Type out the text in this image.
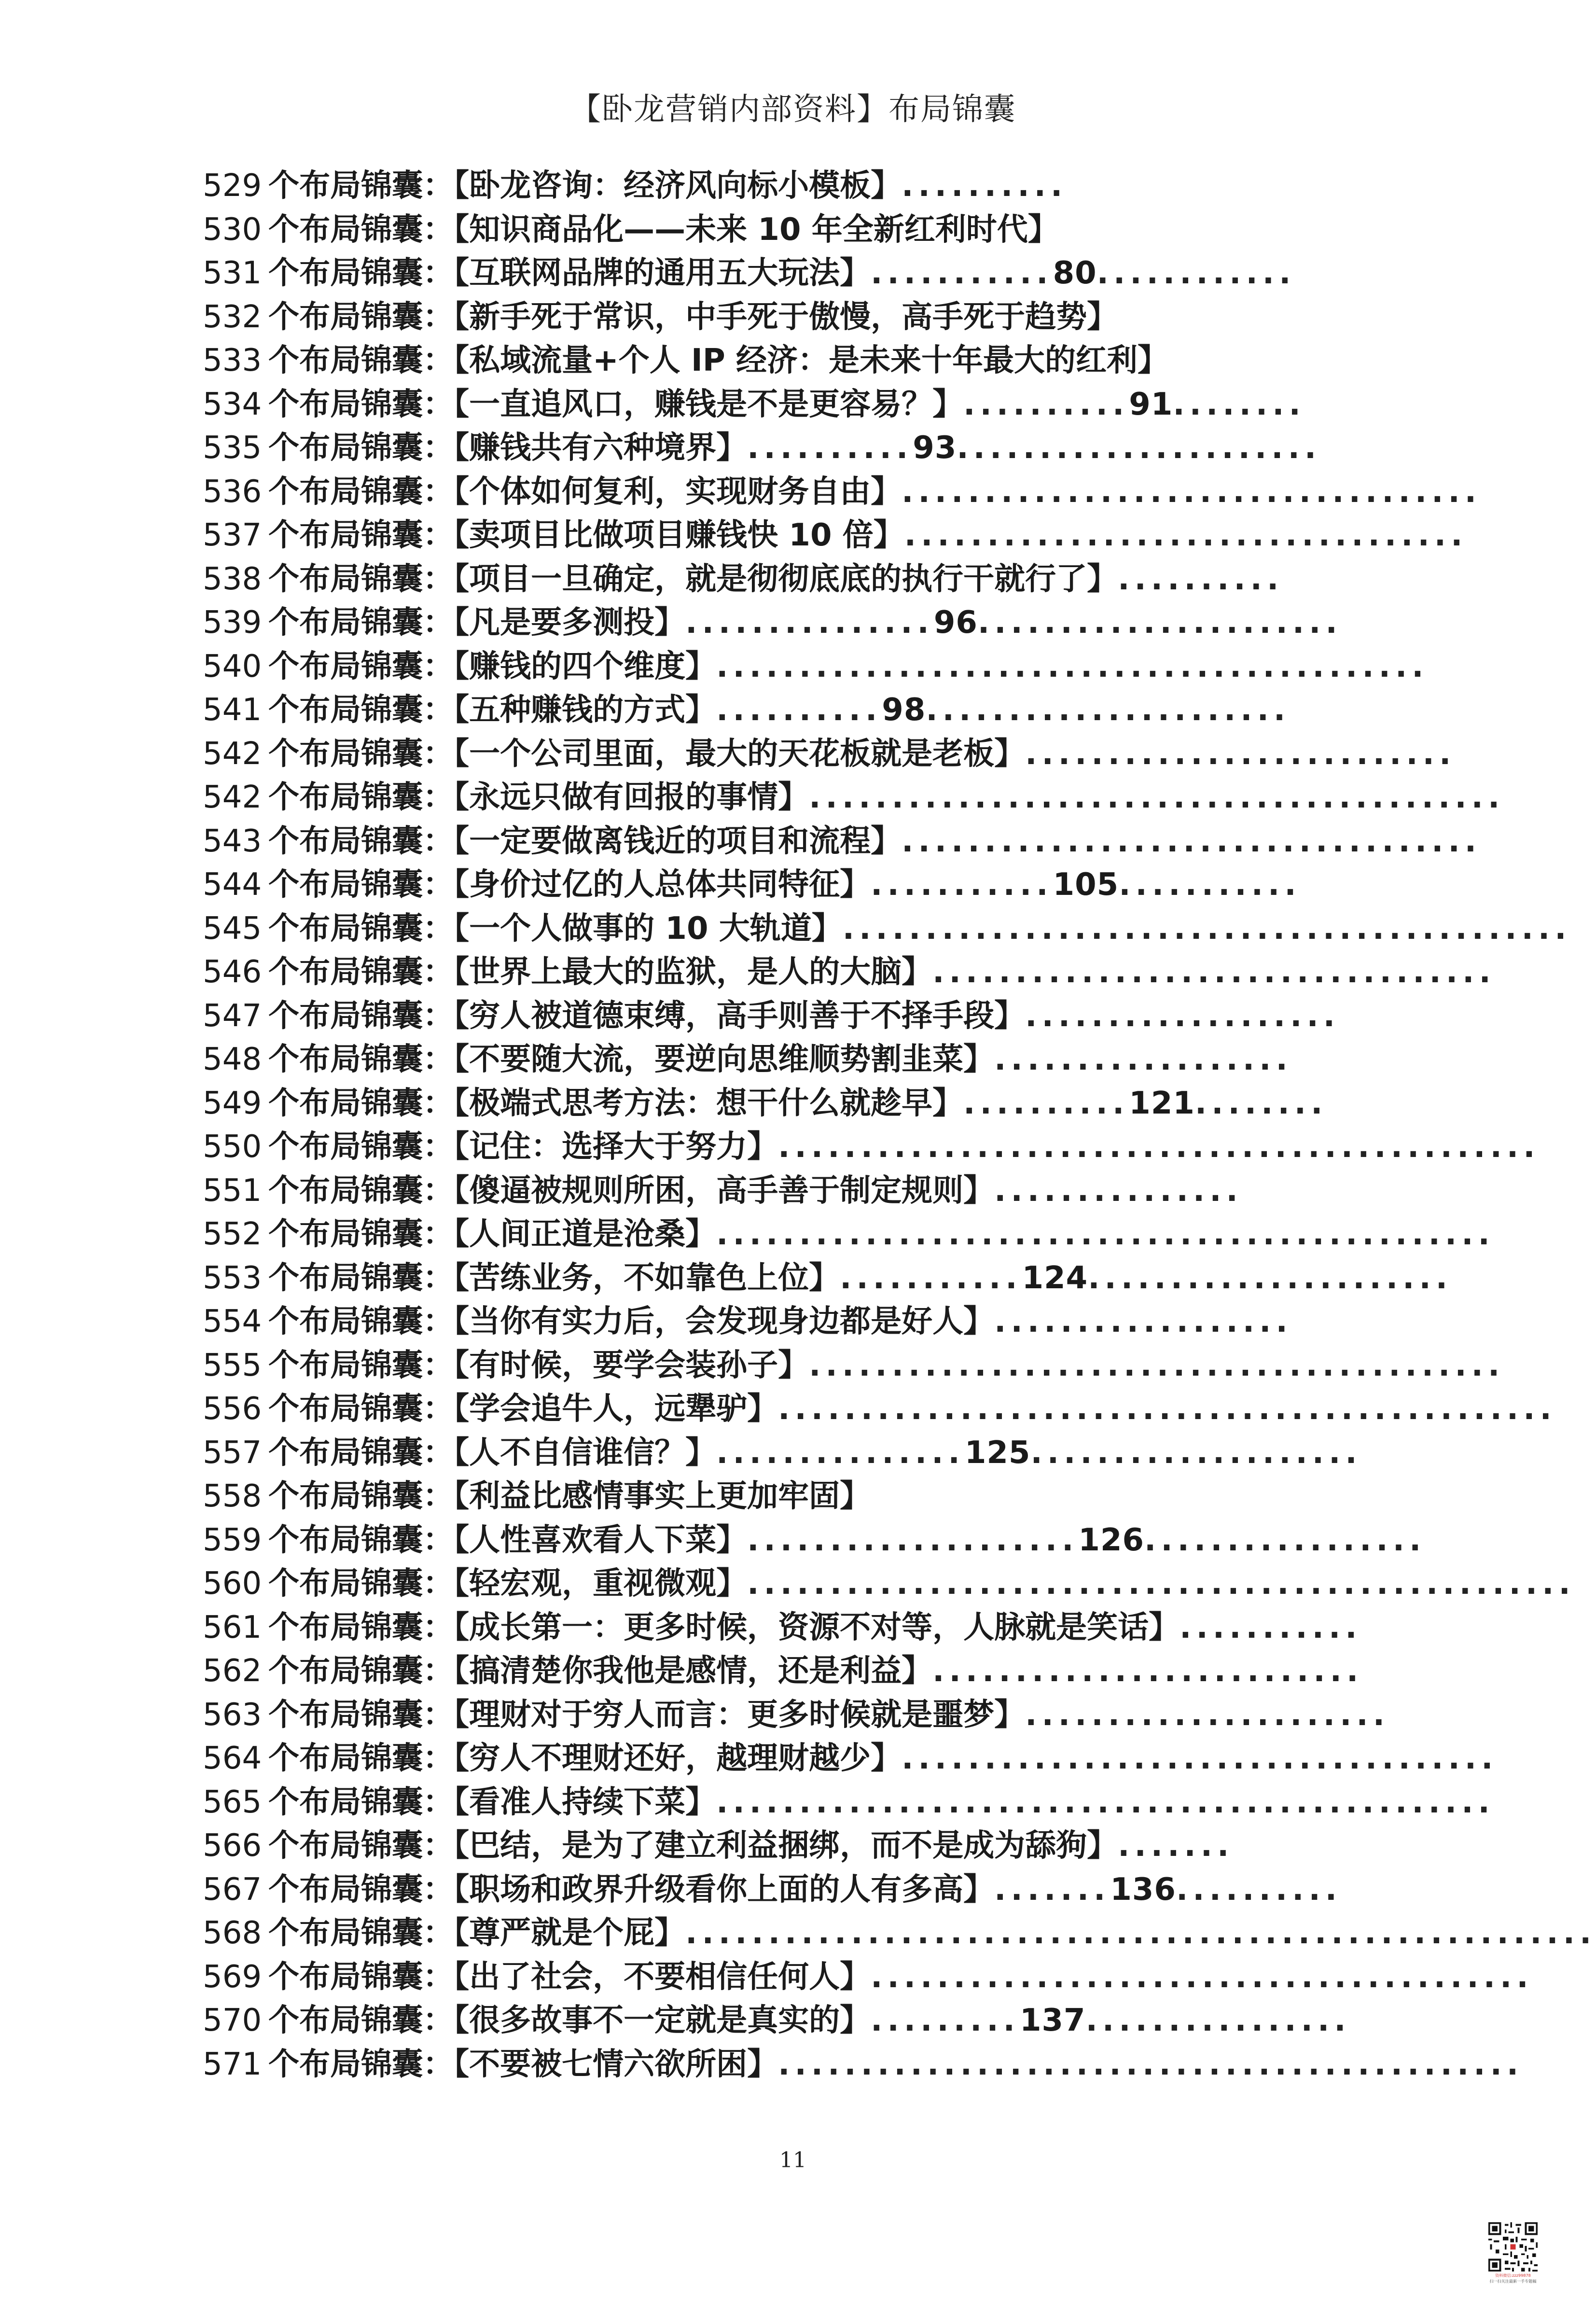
【卧龙营销内部资料】布局锦囊
529 个布局锦囊：【卧龙咨询：经济风向标小模板】..........
530 个布局锦囊：【知识商品化——未来 10 年全新红利时代】
531 个布局锦囊：【互联网品牌的通用五大玩法】...........80............
532 个布局锦囊：【新手死于常识，中手死于傲慢，高手死于趋势】
533 个布局锦囊：【私域流量+个人 IP 经济：是未来十年最大的红利】
534 个布局锦囊：【一直追风口，赚钱是不是更容易？】..........91........
535 个布局锦囊：【赚钱共有六种境界】..........93......................
536 个布局锦囊：【个体如何复利，实现财务自由】...................................
537 个布局锦囊：【卖项目比做项目赚钱快 10 倍】..................................
538 个布局锦囊：【项目一旦确定，就是彻彻底底的执行干就行了】..........
539 个布局锦囊：【凡是要多测投】...............96......................
540 个布局锦囊：【赚钱的四个维度】...........................................
541 个布局锦囊：【五种赚钱的方式】..........98......................
542 个布局锦囊：【一个公司里面，最大的天花板就是老板】..........................
542 个布局锦囊：【永远只做有回报的事情】..........................................
543 个布局锦囊：【一定要做离钱近的项目和流程】...................................
544 个布局锦囊：【身价过亿的人总体共同特征】...........105...........
545 个布局锦囊：【一个人做事的 10 大轨道】............................................
546 个布局锦囊：【世界上最大的监狱，是人的大脑】..................................
547 个布局锦囊：【穷人被道德束缚，高手则善于不择手段】...................
548 个布局锦囊：【不要随大流，要逆向思维顺势割韭菜】..................
549 个布局锦囊：【极端式思考方法：想干什么就趁早】..........121........
550 个布局锦囊：【记住：选择大于努力】..............................................
551 个布局锦囊：【傻逼被规则所困，高手善于制定规则】...............
552 个布局锦囊：【人间正道是沧桑】...............................................
553 个布局锦囊：【苦练业务，不如靠色上位】...........124......................
554 个布局锦囊：【当你有实力后，会发现身边都是好人】..................
555 个布局锦囊：【有时候，要学会装孙子】..........................................
556 个布局锦囊：【学会追牛人，远犟驴】...............................................
557 个布局锦囊：【人不自信谁信？】...............125....................
558 个布局锦囊：【利益比感情事实上更加牢固】
559 个布局锦囊：【人性喜欢看人下菜】....................126.................
560 个布局锦囊：【轻宏观，重视微观】..................................................
561 个布局锦囊：【成长第一：更多时候，资源不对等，人脉就是笑话】...........
562 个布局锦囊：【搞清楚你我他是感情，还是利益】..........................
563 个布局锦囊：【理财对于穷人而言：更多时候就是噩梦】......................
564 个布局锦囊：【穷人不理财还好，越理财越少】....................................
565 个布局锦囊：【看准人持续下菜】...............................................
566 个布局锦囊：【巴结，是为了建立利益捆绑，而不是成为舔狗】.......
567 个布局锦囊：【职场和政界升级看你上面的人有多高】.......136..........
568 个布局锦囊：【尊严就是个屁】.......................................................
569 个布局锦囊：【出了社会，不要相信任何人】........................................
570 个布局锦囊：【很多故事不一定就是真实的】.........137................
571 个布局锦囊：【不要被七情六欲所困】.............................................
11
资料微信:zzz99878
扫一扫关注最新一手专题稿
